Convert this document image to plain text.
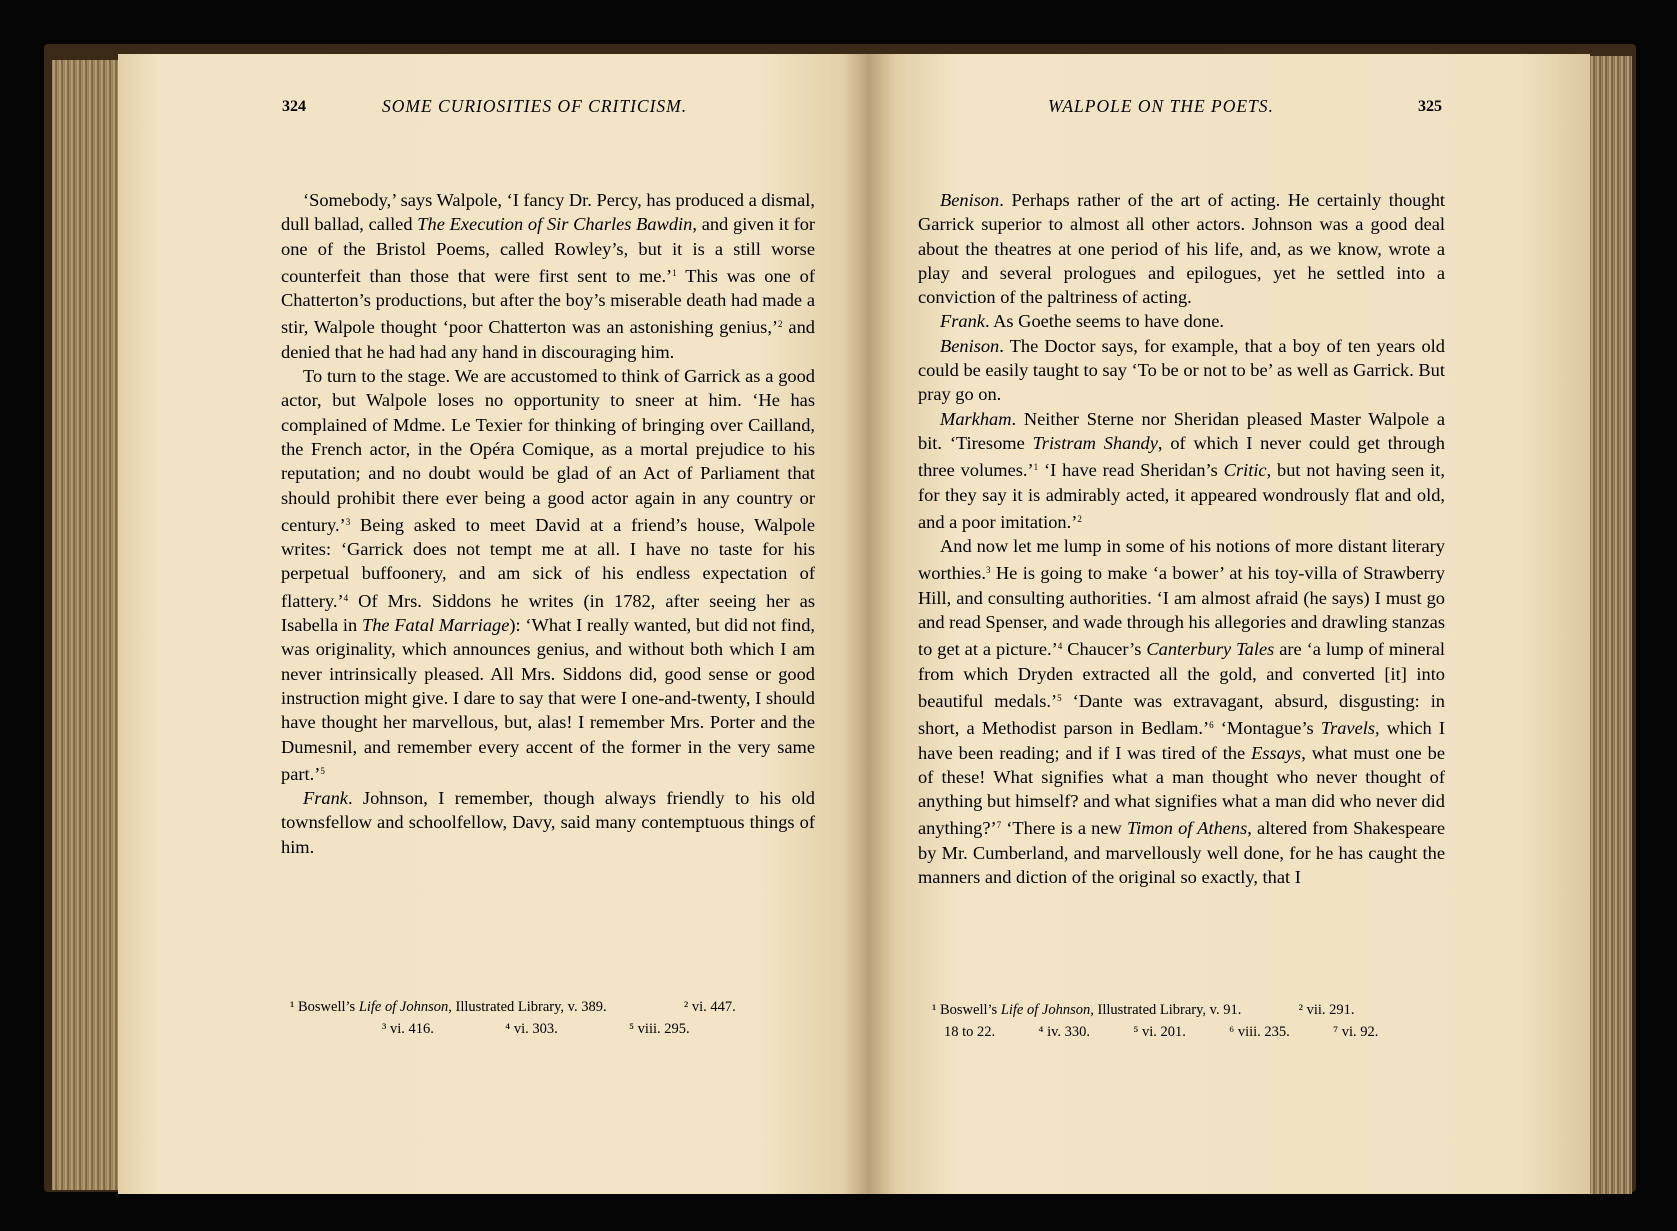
324	SOME CURIOSITIES OF CRITICISM.

‘Somebody,’ says Walpole, ‘I fancy Dr. Percy, has produced a dismal, dull ballad, called The Execution of Sir Charles Bawdin, and given it for one of the Bristol Poems, called Rowley’s, but it is a still worse counterfeit than those that were first sent to me.’$^1$ This was one of Chatterton’s productions, but after the boy’s miserable death had made a stir, Walpole thought ‘poor Chatterton was an astonishing genius,’$^2$ and denied that he had had any hand in discouraging him.

To turn to the stage. We are accustomed to think of Garrick as a good actor, but Walpole loses no opportunity to sneer at him. ‘He has complained of Mdme. Le Texier for thinking of bringing over Cailland, the French actor, in the Opéra Comique, as a mortal prejudice to his reputation; and no doubt would be glad of an Act of Parliament that should prohibit there ever being a good actor again in any country or century.’$^3$ Being asked to meet David at a friend’s house, Walpole writes: ‘Garrick does not tempt me at all. I have no taste for his perpetual buffoonery, and am sick of his endless expectation of flattery.’$^4$ Of Mrs. Siddons he writes (in 1782, after seeing her as Isabella in The Fatal Marriage): ‘What I really wanted, but did not find, was originality, which announces genius, and without both which I am never intrinsically pleased. All Mrs. Siddons did, good sense or good instruction might give. I dare to say that were I one-and-twenty, I should have thought her marvellous, but, alas! I remember Mrs. Porter and the Dumesnil, and remember every accent of the former in the very same part.’$^5$

Frank. Johnson, I remember, though always friendly to his old townsfellow and schoolfellow, Davy, said many contemptuous things of him.

¹ Boswell’s Life of Johnson, Illustrated Library, v. 389.	² vi. 447.
³ vi. 416.	⁴ vi. 303.	⁵ viii. 295.
WALPOLE ON THE POETS.	325

Benison. Perhaps rather of the art of acting. He certainly thought Garrick superior to almost all other actors. Johnson was a good deal about the theatres at one period of his life, and, as we know, wrote a play and several prologues and epilogues, yet he settled into a conviction of the paltriness of acting.

Frank. As Goethe seems to have done.

Benison. The Doctor says, for example, that a boy of ten years old could be easily taught to say ‘To be or not to be’ as well as Garrick. But pray go on.

Markham. Neither Sterne nor Sheridan pleased Master Walpole a bit. ‘Tiresome Tristram Shandy, of which I never could get through three volumes.’$^1$ ‘I have read Sheridan’s Critic, but not having seen it, for they say it is admirably acted, it appeared wondrously flat and old, and a poor imitation.’$^2$

And now let me lump in some of his notions of more distant literary worthies.$^3$ He is going to make ‘a bower’ at his toy-villa of Strawberry Hill, and consulting authorities. ‘I am almost afraid (he says) I must go and read Spenser, and wade through his allegories and drawling stanzas to get at a picture.’$^4$ Chaucer’s Canterbury Tales are ‘a lump of mineral from which Dryden extracted all the gold, and converted [it] into beautiful medals.’$^5$ ‘Dante was extravagant, absurd, disgusting: in short, a Methodist parson in Bedlam.’$^6$ ‘Montague’s Travels, which I have been reading; and if I was tired of the Essays, what must one be of these! What signifies what a man thought who never thought of anything but himself? and what signifies what a man did who never did anything?’$^7$ ‘There is a new Timon of Athens, altered from Shakespeare by Mr. Cumberland, and marvellously well done, for he has caught the manners and diction of the original so exactly, that I

¹ Boswell’s Life of Johnson, Illustrated Library, v. 91.	² vii. 291.
18 to 22.	⁴ iv. 330.	⁵ vi. 201.	⁶ viii. 235.	⁷ vi. 92.
